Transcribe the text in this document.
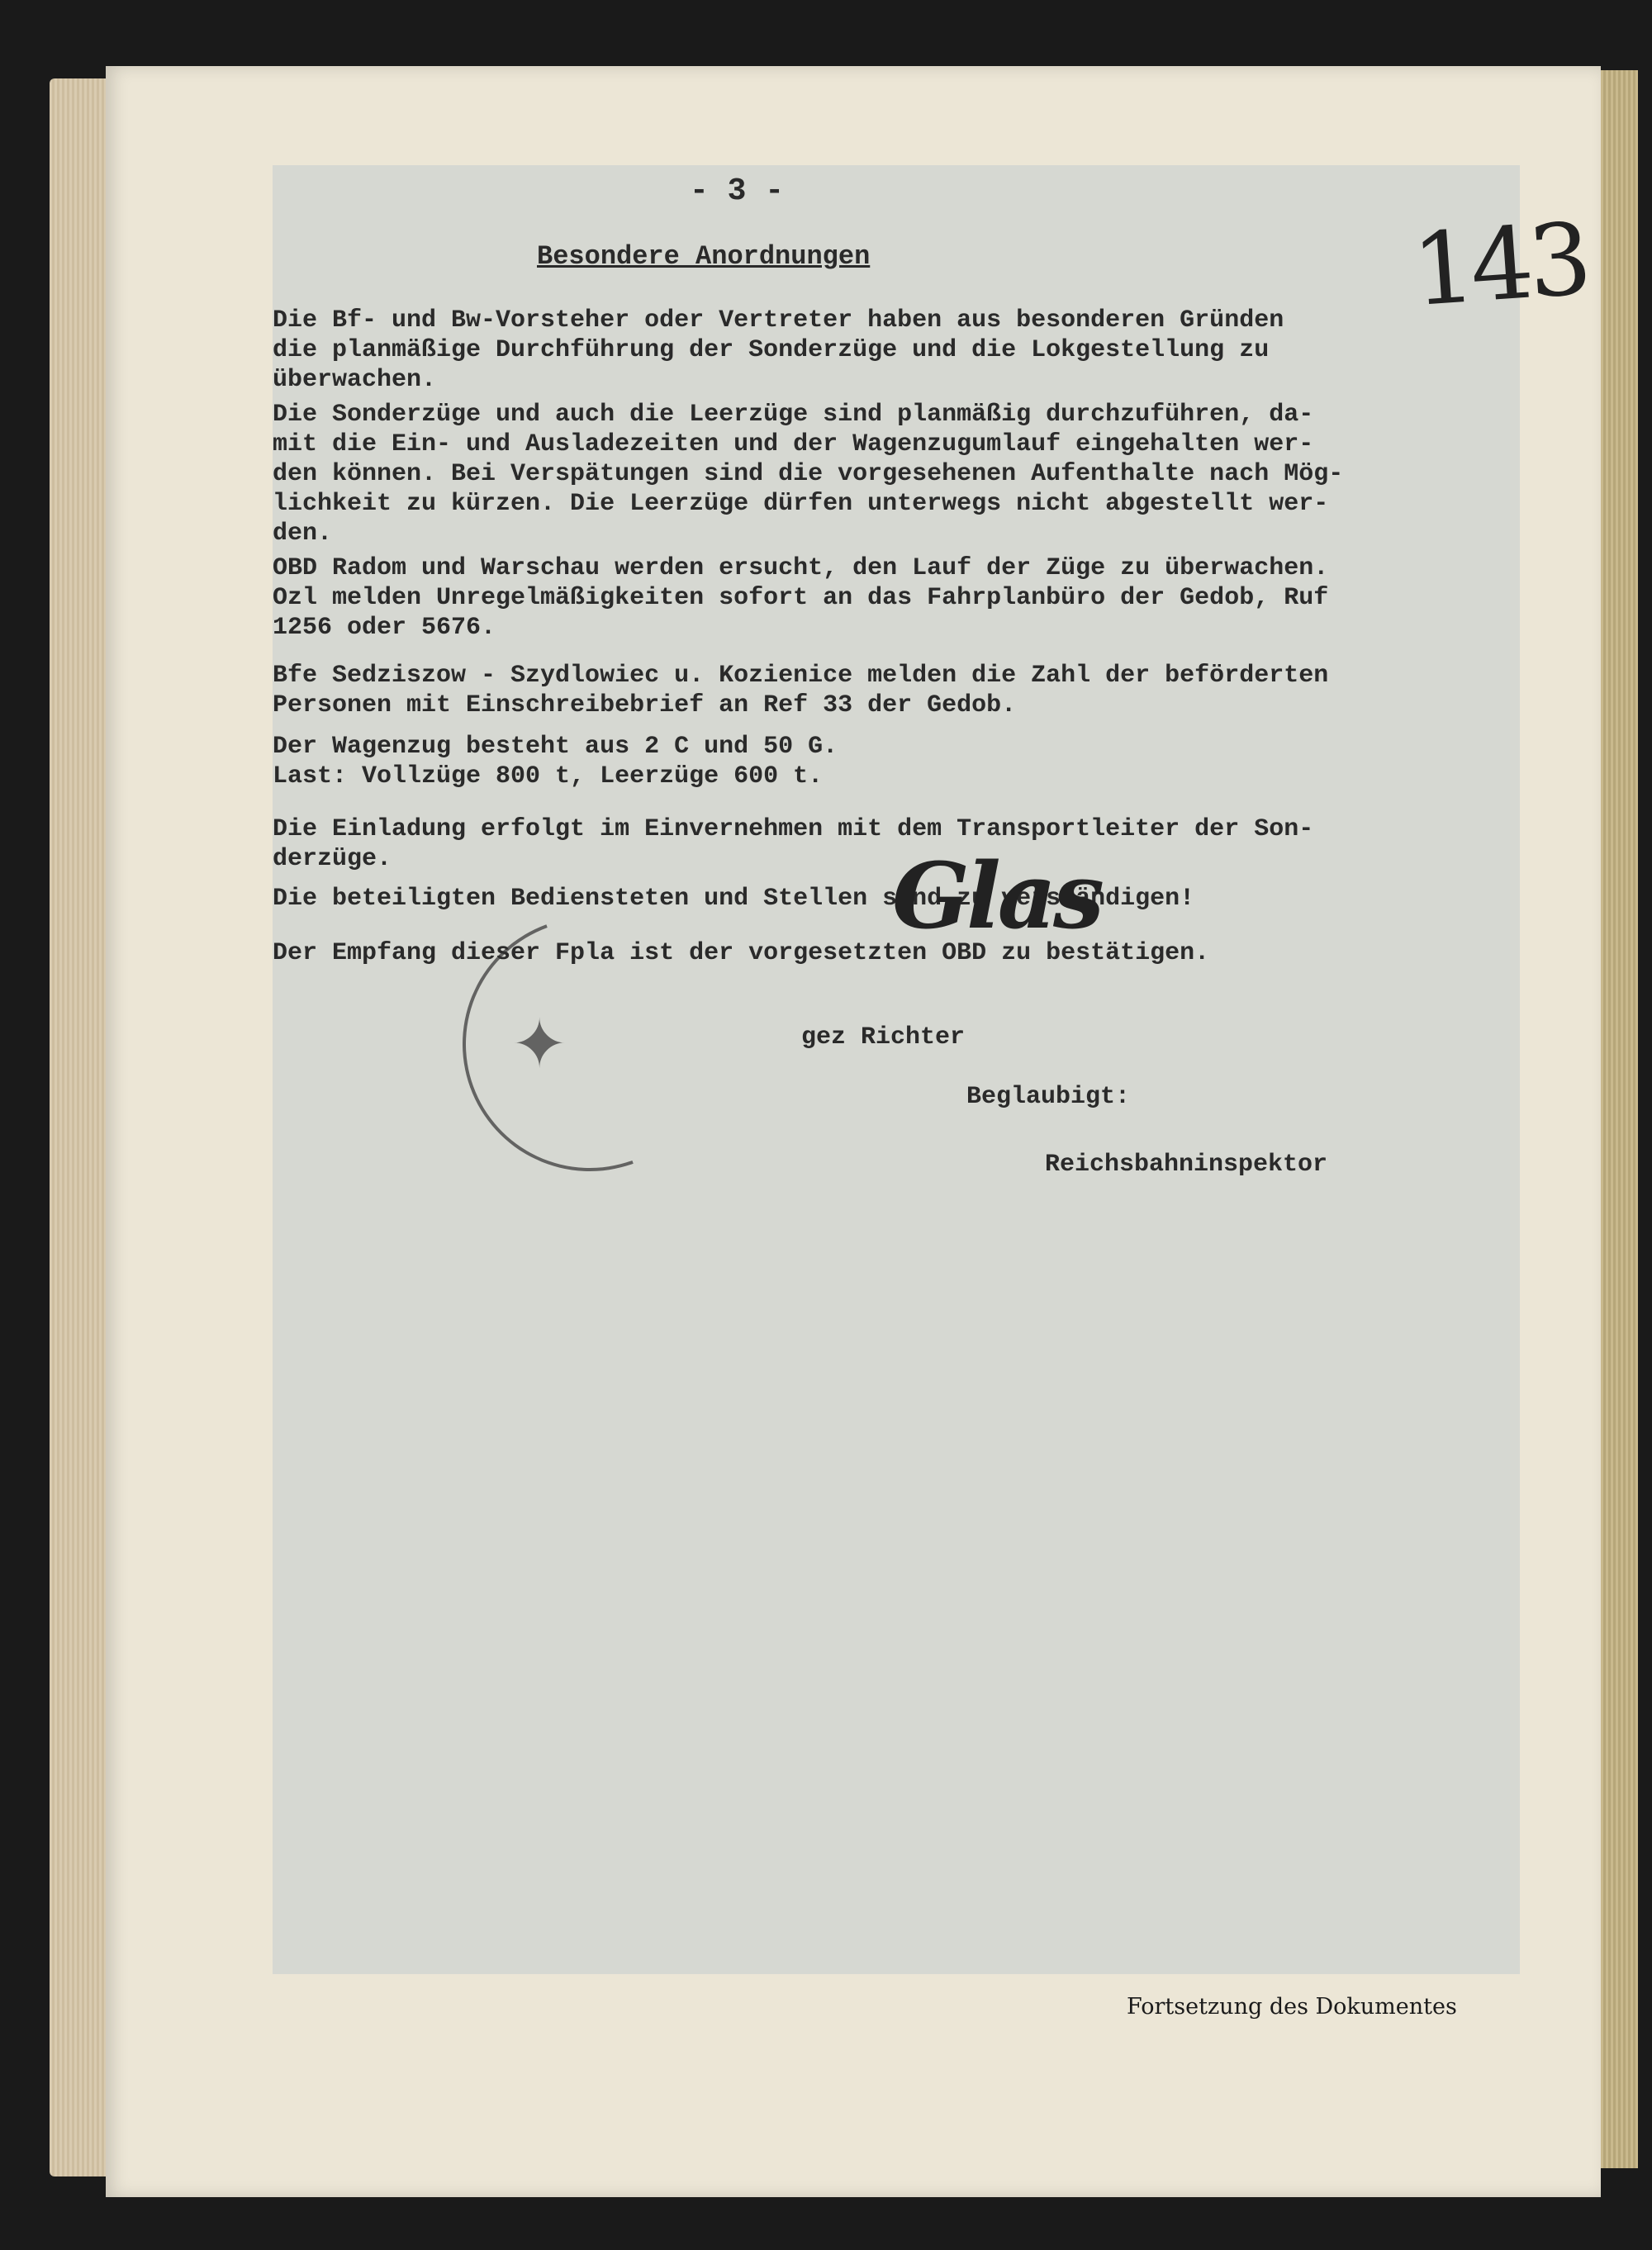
- 3 -
Besondere Anordnungen	143
Die Bf- und Bw-Vorsteher oder Vertreter haben aus besonderen Gründen
die planmäßige Durchführung der Sonderzüge und die Lokgestellung zu
überwachen.
Die Sonderzüge und auch die Leerzüge sind planmäßig durchzuführen, da-
mit die Ein- und Ausladezeiten und der Wagenzugumlauf eingehalten wer-
den können. Bei Verspätungen sind die vorgesehenen Aufenthalte nach Mög-
lichkeit zu kürzen. Die Leerzüge dürfen unterwegs nicht abgestellt wer-
den.
OBD Radom und Warschau werden ersucht, den Lauf der Züge zu überwachen.
Ozl melden Unregelmäßigkeiten sofort an das Fahrplanbüro der Gedob, Ruf
1256 oder 5676.
Bfe Sedziszow - Szydlowiec u. Kozienice melden die Zahl der beförderten
Personen mit Einschreibebrief an Ref 33 der Gedob.
Der Wagenzug besteht aus 2 C und 50 G.
Last: Vollzüge 800 t, Leerzüge 600 t.
Die Einladung erfolgt im Einvernehmen mit dem Transportleiter der Son-
derzüge.
Die beteiligten Bediensteten und Stellen sind zu verständigen!
Der Empfang dieser Fpla ist der vorgesetzten OBD zu bestätigen.
gez Richter
Beglaubigt:
Reichsbahninspektor
✦
Glas
Fortsetzung des Dokumentes
